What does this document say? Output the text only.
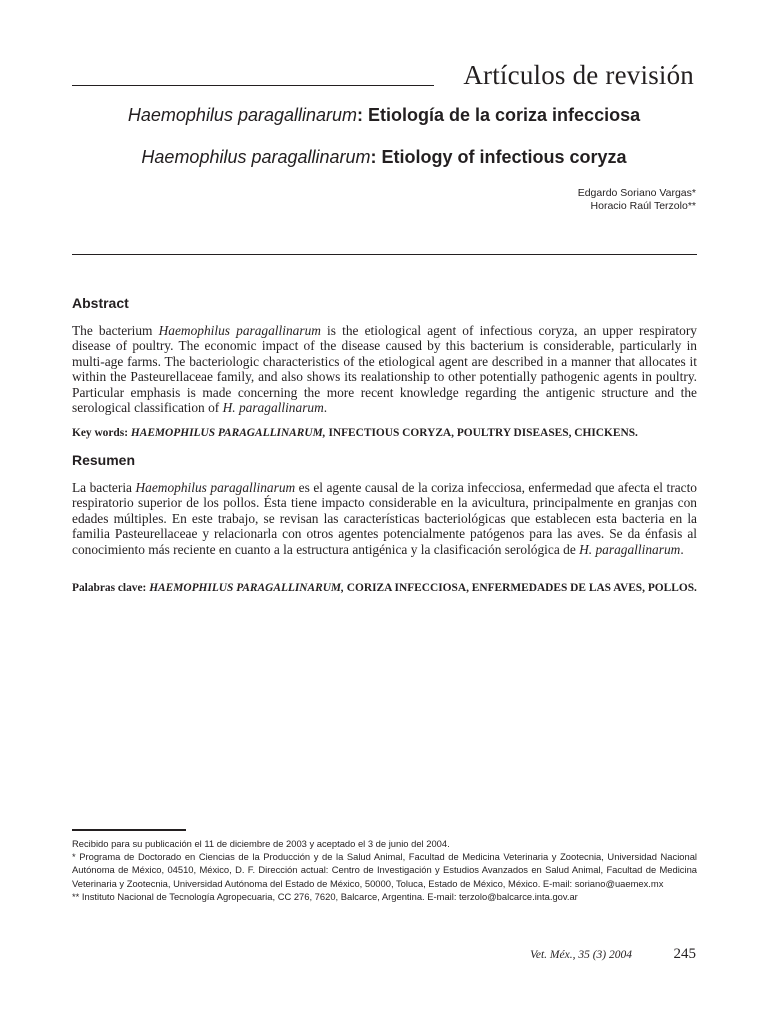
Artículos de revisión
Haemophilus paragallinarum: Etiología de la coriza infecciosa
Haemophilus paragallinarum: Etiology of infectious coryza
Edgardo Soriano Vargas*
Horacio Raúl Terzolo**
Abstract

The bacterium Haemophilus paragallinarum is the etiological agent of infectious coryza, an upper respiratory disease of poultry. The economic impact of the disease caused by this bacterium is considerable, particularly in multi-age farms. The bacteriologic characteristics of the etiological agent are described in a manner that allocates it within the Pasteurellaceae family, and also shows its realationship to other potentially pathogenic agents in poultry. Particular emphasis is made concerning the more recent knowledge regarding the antigenic structure and the serological classification of H. paragallinarum.

Key words: HAEMOPHILUS PARAGALLINARUM, INFECTIOUS CORYZA, POULTRY DISEASES, CHICKENS.

Resumen

La bacteria Haemophilus paragallinarum es el agente causal de la coriza infecciosa, enfermedad que afecta el tracto respiratorio superior de los pollos. Ésta tiene impacto considerable en la avicultura, principalmente en granjas con edades múltiples. En este trabajo, se revisan las características bacteriológicas que establecen esta bacteria en la familia Pasteurellaceae y relacionarla con otros agentes potencialmente patógenos para las aves. Se da énfasis al conocimiento más reciente en cuanto a la estructura antigénica y la clasificación serológica de H. paragallinarum.

Palabras clave: HAEMOPHILUS PARAGALLINARUM, CORIZA INFECCIOSA, ENFERMEDADES DE LAS AVES, POLLOS.

Recibido para su publicación el 11 de diciembre de 2003 y aceptado el 3 de junio del 2004.

* Programa de Doctorado en Ciencias de la Producción y de la Salud Animal, Facultad de Medicina Veterinaria y Zootecnia, Universidad Nacional Autónoma de México, 04510, México, D. F. Dirección actual: Centro de Investigación y Estudios Avanzados en Salud Animal, Facultad de Medicina Veterinaria y Zootecnia, Universidad Autónoma del Estado de México, 50000, Toluca, Estado de México, México. E-mail: soriano@uaemex.mx

** Instituto Nacional de Tecnología Agropecuaria, CC 276, 7620, Balcarce, Argentina. E-mail: terzolo@balcarce.inta.gov.ar

Vet. Méx., 35 (3) 2004	245
